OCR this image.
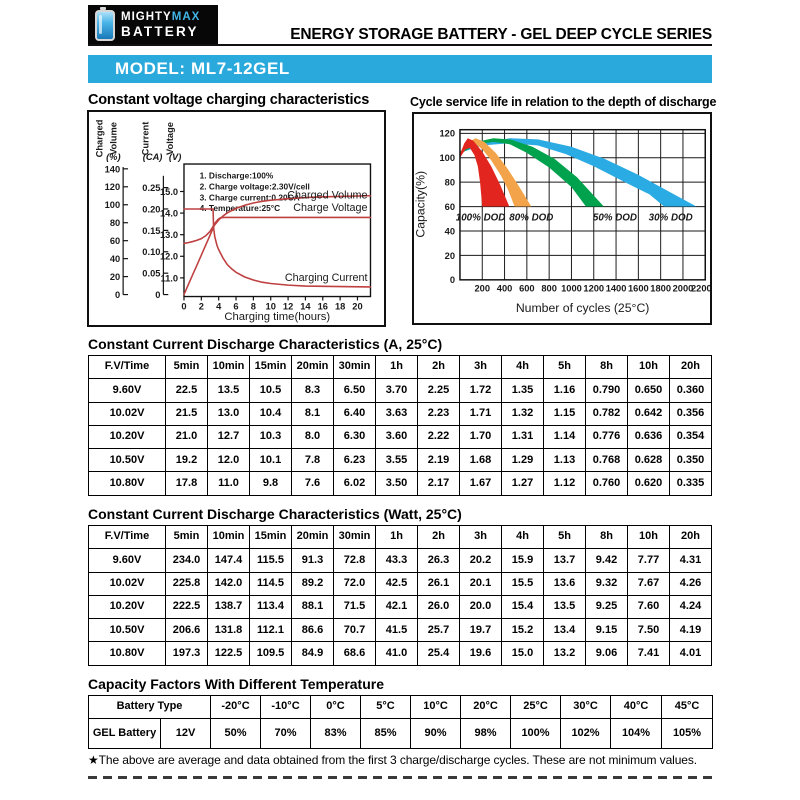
MIGHTYMAX
BATTERY	ENERGY STORAGE BATTERY - GEL DEEP CYCLE SERIES
MODEL: ML7-12GEL
Constant voltage charging characteristics	Cycle service life in relation to the depth of discharge
0
20
40
60
80
100
120
140
0
0.05
0.10
0.15
0.20
0.25
11.0
12.0
13.0
14.0
15.0
0 2 4 6 8 10 12 14 16 18 20
Charging time(hours)
Charged Volume
(%)
Current
(CA)
Voltage
(V)
1. Discharge:100%
2. Charge voltage:2.30V/cell
3. Charge current:0.20CA
4. Temperature:25°C
Charged Volume
Charge Voltage
Charging Current	0
20
40
60
80
100
120
200 400 600 800 1000 1200 1400 1600 1800 2000
2200
100% DOD 80% DOD	50% DOD 30% DOD
Capacity(%)
Number of cycles (25°C)
Constant Current Discharge Characteristics (A, 25°C)
F.V/Time	5min	10min	15min	20min	30min	1h	2h	3h	4h	5h	8h	10h	20h
9.60V	22.5	13.5	10.5	8.3	6.50	3.70	2.25	1.72	1.35	1.16	0.790	0.650	0.360
10.02V	21.5	13.0	10.4	8.1	6.40	3.63	2.23	1.71	1.32	1.15	0.782	0.642	0.356
10.20V	21.0	12.7	10.3	8.0	6.30	3.60	2.22	1.70	1.31	1.14	0.776	0.636	0.354
10.50V	19.2	12.0	10.1	7.8	6.23	3.55	2.19	1.68	1.29	1.13	0.768	0.628	0.350
10.80V	17.8	11.0	9.8	7.6	6.02	3.50	2.17	1.67	1.27	1.12	0.760	0.620	0.335
Constant Current Discharge Characteristics (Watt, 25°C)
F.V/Time	5min	10min	15min	20min	30min	1h	2h	3h	4h	5h	8h	10h	20h
9.60V	234.0	147.4	115.5	91.3	72.8	43.3	26.3	20.2	15.9	13.7	9.42	7.77	4.31
10.02V	225.8	142.0	114.5	89.2	72.0	42.5	26.1	20.1	15.5	13.6	9.32	7.67	4.26
10.20V	222.5	138.7	113.4	88.1	71.5	42.1	26.0	20.0	15.4	13.5	9.25	7.60	4.24
10.50V	206.6	131.8	112.1	86.6	70.7	41.5	25.7	19.7	15.2	13.4	9.15	7.50	4.19
10.80V	197.3	122.5	109.5	84.9	68.6	41.0	25.4	19.6	15.0	13.2	9.06	7.41	4.01
Capacity Factors With Different Temperature
Battery Type		-20°C	-10°C	0°C	5°C	10°C	20°C	25°C	30°C	40°C	45°C
GEL Battery	12V	50%	70%	83%	85%	90%	98%	100%	102%	104%	105%
★The above are average and data obtained from the first 3 charge/discharge cycles. These are not minimum values.
